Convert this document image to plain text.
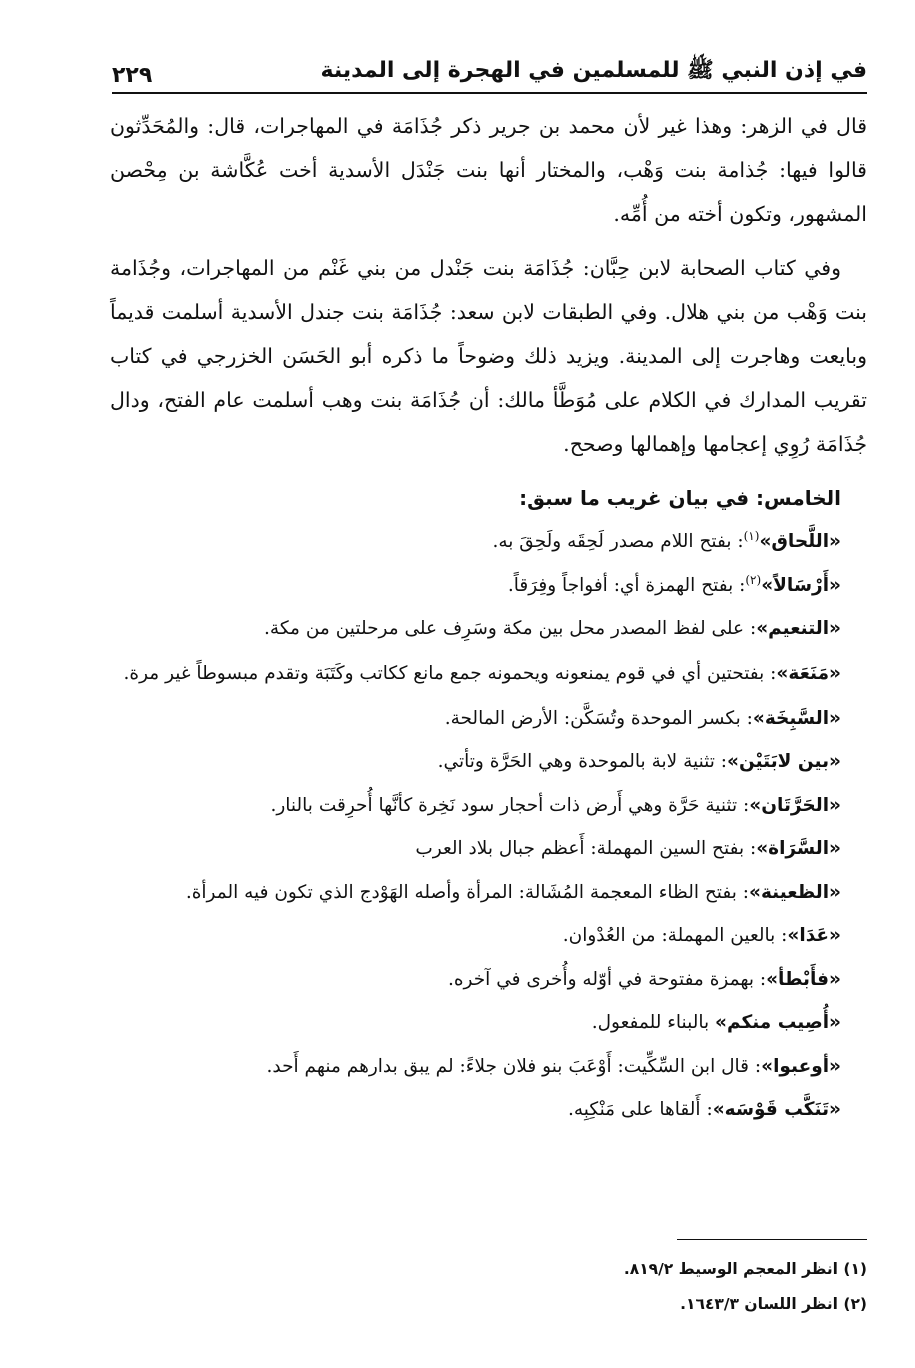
في إذن النبي ﷺ للمسلمين في الهجرة إلى المدينة
٢٢٩

قال في الزهر: وهذا غير لأن محمد بن جرير ذكر جُذَامَة في المهاجرات، قال: والمُحَدِّثون قالوا فيها: جُذامة بنت وَهْب، والمختار أنها بنت جَنْدَل الأسدية أخت عُكَّاشة بن مِحْصن المشهور، وتكون أخته من أُمِّه.

وفي كتاب الصحابة لابن حِبَّان: جُذَامَة بنت جَنْدل من بني غَنْم من المهاجرات، وجُذَامة بنت وَهْب من بني هلال. وفي الطبقات لابن سعد: جُذَامَة بنت جندل الأسدية أسلمت قديماً وبايعت وهاجرت إلى المدينة. ويزيد ذلك وضوحاً ما ذكره أبو الحَسَن الخزرجي في كتاب تقريب المدارك في الكلام على مُوَطَّأ مالك: أن جُذَامَة بنت وهب أسلمت عام الفتح، ودال جُذَامَة رُوِي إعجامها وإهمالها وصحح.

الخامس: في بيان غريب ما سبق:

«اللَّحاق»$^{(١)}$: بفتح اللام مصدر لَحِقَه ولَحِقَ به.
«أَرْسَالاً»$^{(٢)}$: بفتح الهمزة أي: أفواجاً وفِرَقاً.
«التنعيم»: على لفظ المصدر محل بين مكة وسَرِف على مرحلتين من مكة.
«مَنَعَة»: بفتحتين أي في قوم يمنعونه ويحمونه جمع مانع ككاتب وكَتَبَة وتقدم مبسوطاً غير مرة.
«السَّبِخَة»: بكسر الموحدة وتُسَكَّن: الأرض المالحة.
«بين لابَتَيْن»: تثنية لابة بالموحدة وهي الحَرَّة وتأتي.
«الحَرَّتَان»: تثنية حَرَّة وهي أَرض ذات أحجار سود نَخِرة كأنَّها أُحرِقت بالنار.
«السَّرَاة»: بفتح السين المهملة: أَعظم جبال بلاد العرب
«الظعينة»: بفتح الظاء المعجمة المُشَالة: المرأة وأصله الهَوْدج الذي تكون فيه المرأة.
«عَدَا»: بالعين المهملة: من العُدْوان.
«فأَبْطأ»: بهمزة مفتوحة في أوّله وأُخرى في آخره.
«أُصِيب منكم» بالبناء للمفعول.
«أوعبوا»: قال ابن السِّكِّيت: أَوْعَبَ بنو فلان جلاءً: لم يبق بدارهم منهم أَحد.
«تَنَكَّب قَوْسَه»: أَلقاها على مَنْكِبِه.

(١) انظر المعجم الوسيط ٨١٩/٢.

(٢) انظر اللسان ١٦٤٣/٣.
